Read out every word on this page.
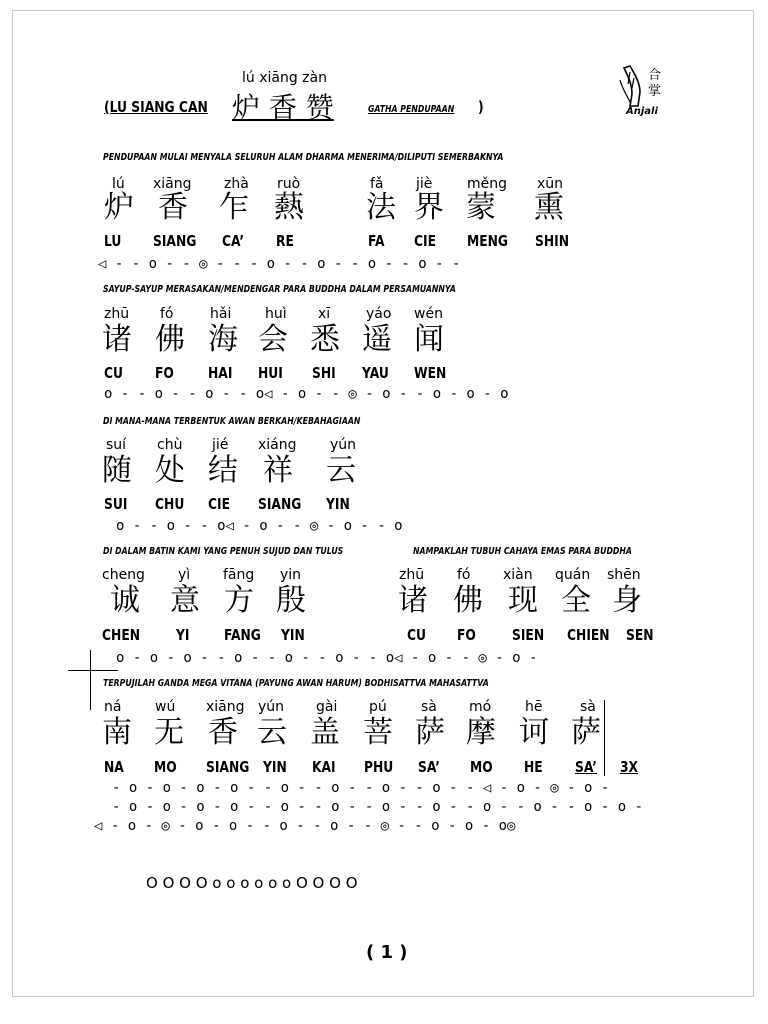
lú xiāng zàn
(LU SIANG CAN 炉 香 赞	GATHA PENDUPAAN )
合
掌
Anjali
PENDUPAAN MULAI MENYALA SELURUH ALAM DHARMA MENERIMA/DILIPUTI SEMERBAKNYA
lú xiāng zhà ruò	fǎ jiè měng xūn
炉 香 乍 爇 法 界 蒙 熏
LU SIANG CA’ RE	FA CIE MENG SHIN
◁ - - o - - ◎ - - - o - - o - - o - - o - -
SAYUP-SAYUP MERASAKAN/MENDENGAR PARA BUDDHA DALAM PERSAMUANNYA
zhū fó	hǎi huì xī	yáo wén
诸 佛 海 会 悉 遥 闻
CU FO HAI HUI SHI YAU WEN
o - - o - - o - - o◁ - o - - ◎ - o - - o - o - o
DI MANA-MANA TERBENTUK AWAN BERKAH/KEBAHAGIAAN
suí chù jié xiáng yún
随 处 结 祥 云
SUI CHU CIE SIANG YIN
o - - o - - o◁ - o - - ◎ - o - - o
DI DALAM BATIN KAMI YANG PENUH SUJUD DAN TULUS	NAMPAKLAH TUBUH CAHAYA EMAS PARA BUDDHA
cheng yì fāng yin	zhū fó xiàn quán shēn
诚 意 方 殷	诸 佛 现 全 身
CHEN YI FANG YIN	CU FO SIEN CHIEN SEN
o - o - o - - o - - o - - o - - o◁ - o - - ◎ - o -
TERPUJILAH GANDA MEGA VITANA (PAYUNG AWAN HARUM) BODHISATTVA MAHASATTVA
ná wú xiāng yún gài pú sà mó hē	sà
南 无 香 云 盖 菩 萨 摩 诃 萨
NA MO SIANG YIN KAI PHU SA’ MO HE SA’ 3X
- o - o - o - o - - o - - o - - o - - o - - ◁ - o - ◎ - o -
- o - o - o - o - - o - - o - - o - - o - - o - - o - - o - o -
◁ - o - ◎ - o - o - - o - - o - - ◎ - - o - o - o◎
O O O O o o o o o o O O O O
( 1 )
